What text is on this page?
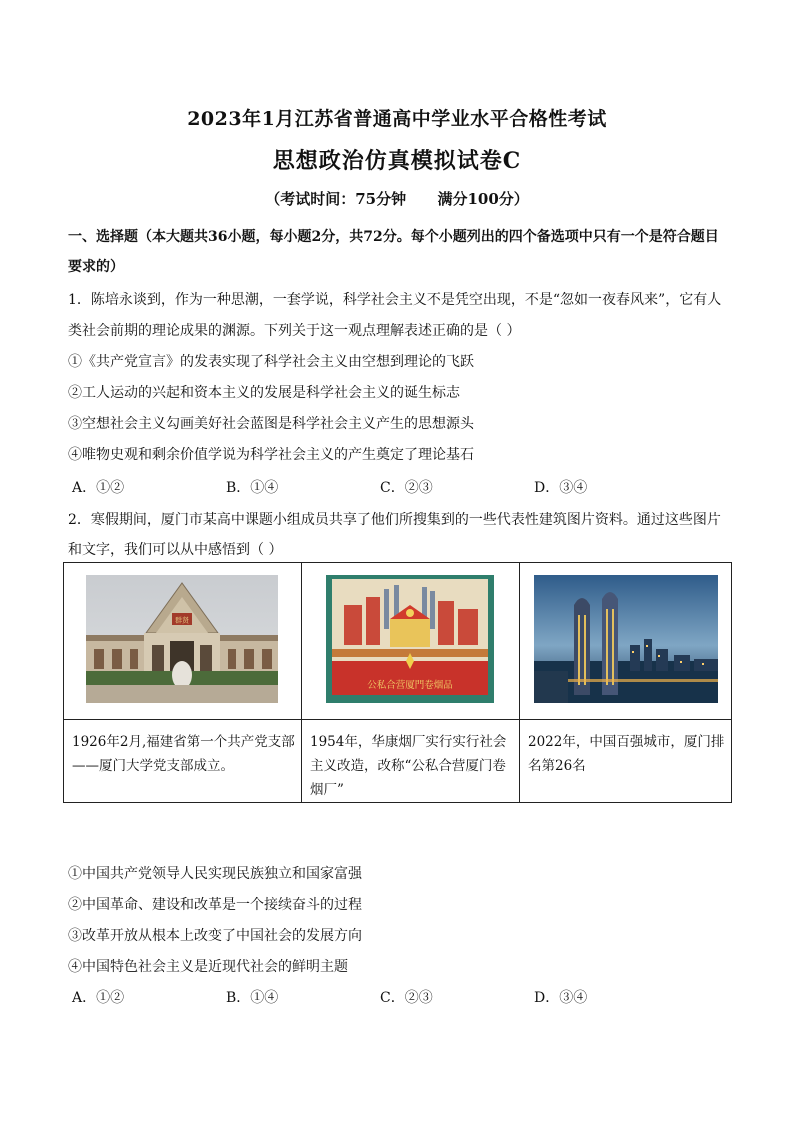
2023年1月江苏省普通高中学业水平合格性考试
思想政治仿真模拟试卷C
（考试时间：75分钟      满分100分）
一、选择题（本大题共36小题，每小题2分，共72分。每个小题列出的四个备选项中只有一个是符合题目要求的）
1．陈培永谈到，作为一种思潮，一套学说，科学社会主义不是凭空出现，不是“忽如一夜春风来”，它有人
类社会前期的理论成果的渊源。下列关于这一观点理解表述正确的是（ ）
①《共产党宣言》的发表实现了科学社会主义由空想到理论的飞跃
②工人运动的兴起和资本主义的发展是科学社会主义的诞生标志
③空想社会主义勾画美好社会蓝图是科学社会主义产生的思想源头
④唯物史观和剩余价值学说为科学社会主义的产生奠定了理论基石
A．①②	B．①④	C．②③	D．③④
2．寒假期间，厦门市某高中课题小组成员共享了他们所搜集到的一些代表性建筑图片资料。通过这些图片
和文字，我们可以从中感悟到（ ）
群贤	公私合营厦門卷烟品

1926年2月,福建省第一个共产党支部——厦门大学党支部成立。	1954年，华康烟厂实行实行社会主义改造，改称“公私合营厦门卷烟厂”	2022年，中国百强城市，厦门排名第26名
①中国共产党领导人民实现民族独立和国家富强
②中国革命、建设和改革是一个接续奋斗的过程
③改革开放从根本上改变了中国社会的发展方向
④中国特色社会主义是近现代社会的鲜明主题
A．①②	B．①④	C．②③	D．③④
